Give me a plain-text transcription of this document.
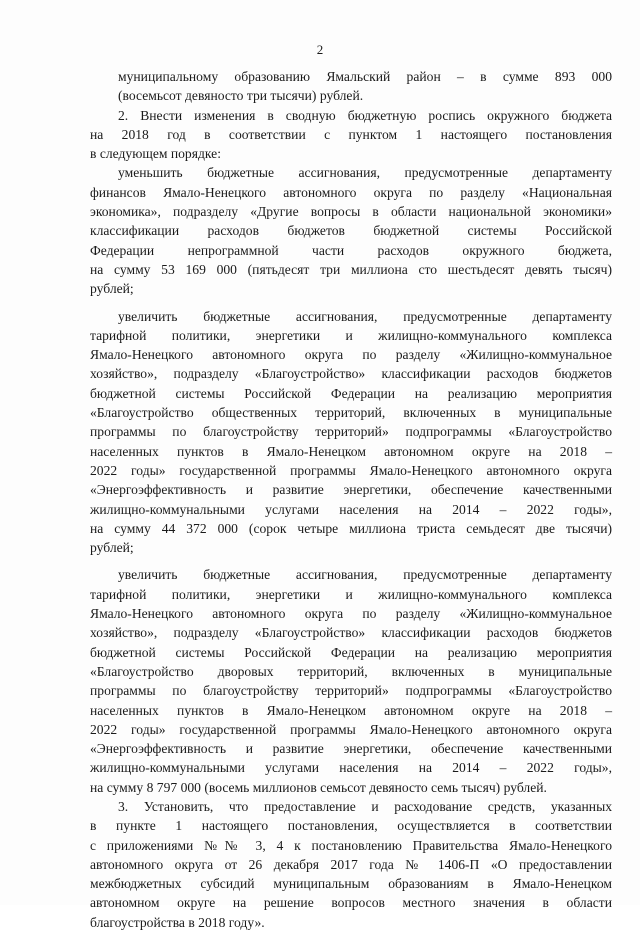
2
муниципальному образованию Ямальский район – в сумме 893 000
(восемьсот девяносто три тысячи) рублей.
2. Внести изменения в сводную бюджетную роспись окружного бюджета
на 2018 год в соответствии с пунктом 1 настоящего постановления
в следующем порядке:
уменьшить бюджетные ассигнования, предусмотренные департаменту
финансов Ямало-Ненецкого автономного округа по разделу «Национальная
экономика», подразделу «Другие вопросы в области национальной экономики»
классификации расходов бюджетов бюджетной системы Российской
Федерации непрограммной части расходов окружного бюджета,
на сумму 53 169 000 (пятьдесят три миллиона сто шестьдесят девять тысяч)
рублей;
увеличить бюджетные ассигнования, предусмотренные департаменту
тарифной политики, энергетики и жилищно-коммунального комплекса
Ямало-Ненецкого автономного округа по разделу «Жилищно-коммунальное
хозяйство», подразделу «Благоустройство» классификации расходов бюджетов
бюджетной системы Российской Федерации на реализацию мероприятия
«Благоустройство общественных территорий, включенных в муниципальные
программы по благоустройству территорий» подпрограммы «Благоустройство
населенных пунктов в Ямало-Ненецком автономном округе на 2018 –
2022 годы» государственной программы Ямало-Ненецкого автономного округа
«Энергоэффективность и развитие энергетики, обеспечение качественными
жилищно-коммунальными услугами населения на 2014 – 2022 годы»,
на сумму 44 372 000 (сорок четыре миллиона триста семьдесят две тысячи)
рублей;
увеличить бюджетные ассигнования, предусмотренные департаменту
тарифной политики, энергетики и жилищно-коммунального комплекса
Ямало-Ненецкого автономного округа по разделу «Жилищно-коммунальное
хозяйство», подразделу «Благоустройство» классификации расходов бюджетов
бюджетной системы Российской Федерации на реализацию мероприятия
«Благоустройство дворовых территорий, включенных в муниципальные
программы по благоустройству территорий» подпрограммы «Благоустройство
населенных пунктов в Ямало-Ненецком автономном округе на 2018 –
2022 годы» государственной программы Ямало-Ненецкого автономного округа
«Энергоэффективность и развитие энергетики, обеспечение качественными
жилищно-коммунальными услугами населения на 2014 – 2022 годы»,
на сумму 8 797 000 (восемь миллионов семьсот девяносто семь тысяч) рублей.
3. Установить, что предоставление и расходование средств, указанных
в пункте 1 настоящего постановления, осуществляется в соответствии
с приложениями №№ 3, 4 к постановлению Правительства Ямало-Ненецкого
автономного округа от 26 декабря 2017 года № 1406-П «О предоставлении
межбюджетных субсидий муниципальным образованиям в Ямало-Ненецком
автономном округе на решение вопросов местного значения в области
благоустройства в 2018 году».
